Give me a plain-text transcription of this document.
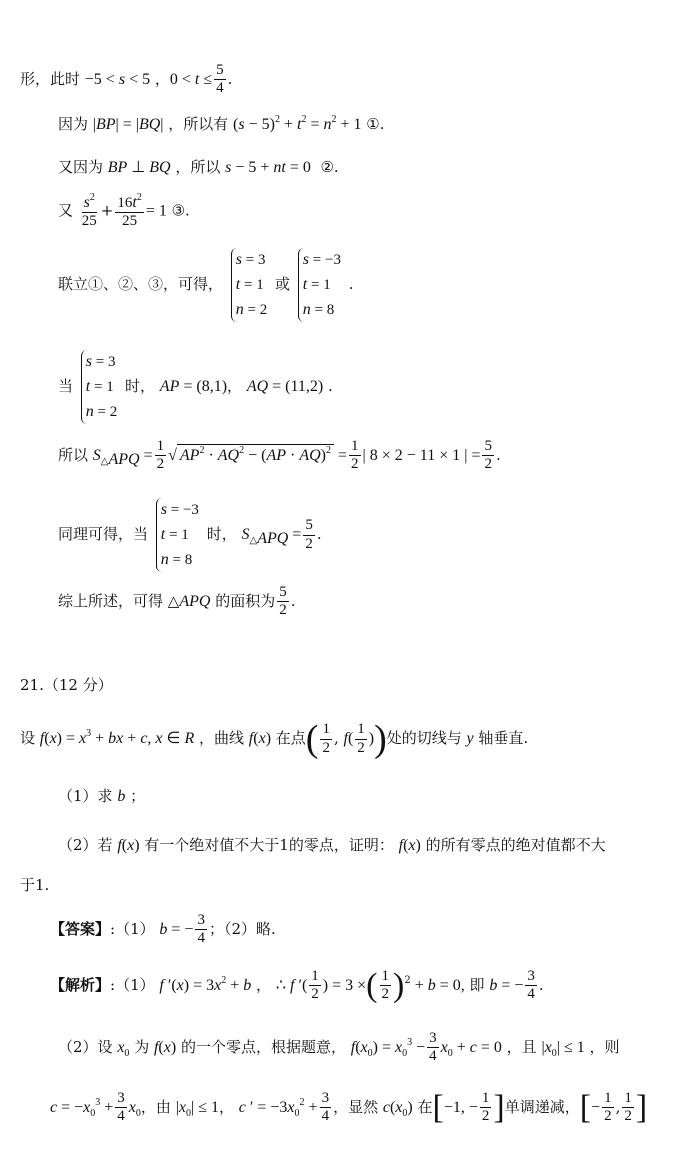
形，此时 −5 < s < 5 ，$0 < t \le \frac{5}{4}$ .
因为 |BP| = |BQ| ，所以有 $(s - 5)^2 + t^2 = n^2 + 1$ ①.
又因为 BP ⊥ BQ ，所以 s − 5 + nt = 0  ②.
又 $\frac{s^2}{25} + \frac{16t^2}{25} = 1$ ③.
联立①、②、③，可得，
s = 3
t = 1
n = 2
或
s = −3
t = 1
n = 8
.
当
s = 3
t = 1
n = 2
时， AP = (8,1)， AQ = (11,2) .
所以 $S_{\triangle APQ} = \frac{1}{2}$ √ $AP^2 \cdot AQ^2 - (AP \cdot AQ)^2 = \frac{1}{2}$ | 8 × 2 − 11 × 1 | = $\frac{5}{2}$ .
同理可得，当
s = −3
t = 1
n = 8
时， $S_{\triangle APQ} = \frac{5}{2}$ .
综上所述，可得 △APQ 的面积为 $\frac{5}{2}$ .
21.（12 分）
设 $f(x) = x^3$ + bx + c, x ∈ R ，曲线 f(x) 在点( $\frac{1}{2}$ , $f( \frac{1}{2}$ ))处的切线与 y 轴垂直.
（1）求 b ；
（2）若 f(x) 有一个绝对值不大于1的零点，证明： f(x) 的所有零点的绝对值都不大
于1.
【答案】:（1） b = − $\frac{3}{4}$ ；（2）略.
【解析】:（1） f $'(x) = 3x^2 + b$ ， ∴ f ′( $\frac{1}{2}$ ) = 3 ×( $\frac{1}{2} )^2 + b = 0$, 即 b = − $\frac{3}{4}$ .
（2）设 $x_0$ 为 f(x) 的一个零点，根据题意， $f(x_0) = x_0^3 - \frac{3}{4} x_0 + c = 0$ ，且 $|x_0| \le 1$ ，则
$c = -x_0^3 + \frac{3}{4} x_0$，由 $|x_0| \le 1$， c ′ = $-3x_0^2 + \frac{3}{4}$ ，显然 $c(x_0)$ 在[−1, − $\frac{1}{2}$ ]单调递减，[− $\frac{1}{2}$ , $\frac{1}{2}$ ]
